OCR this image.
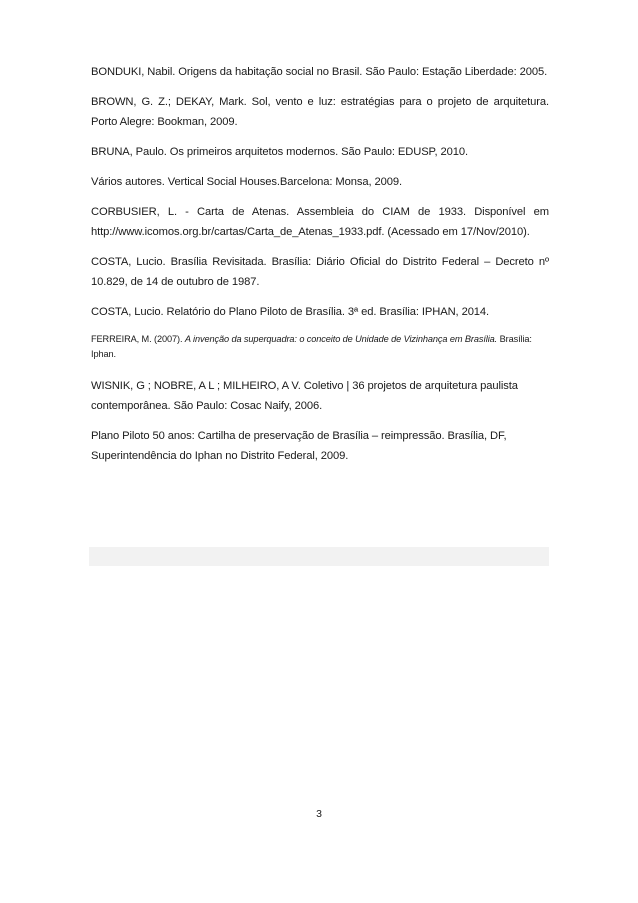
BONDUKI, Nabil. Origens da habitação social no Brasil. São Paulo: Estação Liberdade: 2005.

BROWN, G. Z.; DEKAY, Mark. Sol, vento e luz: estratégias para o projeto de arquitetura. Porto Alegre: Bookman, 2009.

BRUNA, Paulo. Os primeiros arquitetos modernos. São Paulo: EDUSP, 2010.

Vários autores. Vertical Social Houses.Barcelona: Monsa, 2009.

CORBUSIER, L. - Carta de Atenas. Assembleia do CIAM de 1933. Disponível em http://www.icomos.org.br/cartas/Carta_de_Atenas_1933.pdf. (Acessado em 17/Nov/2010).

COSTA, Lucio. Brasília Revisitada. Brasília: Diário Oficial do Distrito Federal – Decreto nº 10.829, de 14 de outubro de 1987.

COSTA, Lucio. Relatório do Plano Piloto de Brasília. 3ª ed. Brasília: IPHAN, 2014.

FERREIRA, M. (2007). A invenção da superquadra: o conceito de Unidade de Vizinhança em Brasília. Brasília: Iphan.

WISNIK, G ; NOBRE, A L ; MILHEIRO, A V. Coletivo | 36 projetos de arquitetura paulista contemporânea. São Paulo: Cosac Naify, 2006.

Plano Piloto 50 anos: Cartilha de preservação de Brasília – reimpressão. Brasília, DF, Superintendência do Iphan no Distrito Federal, 2009.

3
